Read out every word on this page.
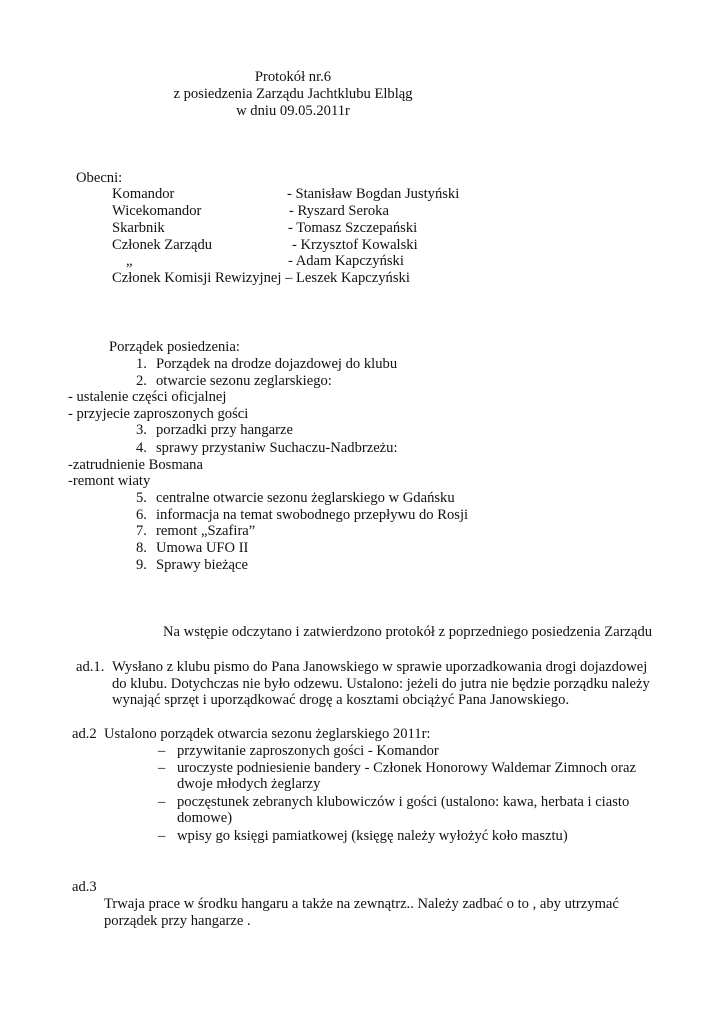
Protokół nr.6
z posiedzenia Zarządu Jachtklubu Elbląg
w dniu 09.05.2011r
Obecni:
Komandor	- Stanisław Bogdan Justyński
Wicekomandor	- Ryszard Seroka
Skarbnik	- Tomasz Szczepański
Członek Zarządu	- Krzysztof Kowalski
„	- Adam Kapczyński
Członek Komisji Rewizyjnej – Leszek Kapczyński
Porządek posiedzenia:
1. Porządek na drodze dojazdowej do klubu
2. otwarcie sezonu zeglarskiego:
- ustalenie części oficjalnej
- przyjecie zaproszonych gości
3. porzadki przy hangarze
4. sprawy przystaniw Suchaczu-Nadbrzeżu:
-zatrudnienie Bosmana
-remont wiaty
5. centralne otwarcie sezonu żeglarskiego w Gdańsku
6. informacja na temat swobodnego przepływu do Rosji
7. remont „Szafira”
8. Umowa UFO II
9. Sprawy bieżące
Na wstępie odczytano i zatwierdzono protokół z poprzedniego posiedzenia Zarządu
ad.1. Wysłano z klubu pismo do Pana Janowskiego w sprawie uporzadkowania drogi dojazdowej
do klubu. Dotychczas nie było odzewu. Ustalono: jeżeli do jutra nie będzie porządku należy
wynająć sprzęt i uporządkować drogę a kosztami obciążyć Pana Janowskiego.
ad.2 Ustalono porządek otwarcia sezonu żeglarskiego 2011r:
– przywitanie zaproszonych gości - Komandor
– uroczyste podniesienie bandery - Członek Honorowy Waldemar Zimnoch oraz
dwoje młodych żeglarzy
– poczęstunek zebranych klubowiczów i gości (ustalono: kawa, herbata i ciasto
domowe)
– wpisy go księgi pamiatkowej (księgę należy wyłożyć koło masztu)
ad.3
Trwaja prace w środku hangaru a także na zewnątrz.. Należy zadbać o to , aby utrzymać
porządek przy hangarze .
